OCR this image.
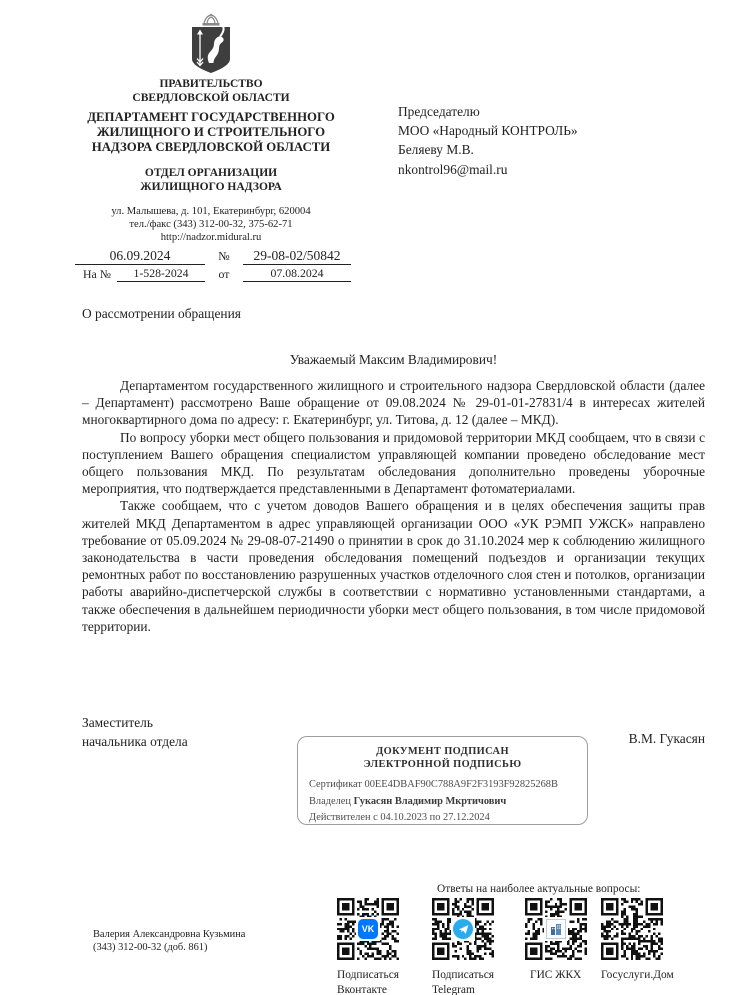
ПРАВИТЕЛЬСТВО
СВЕРДЛОВСКОЙ ОБЛАСТИ
ДЕПАРТАМЕНТ ГОСУДАРСТВЕННОГО
ЖИЛИЩНОГО И СТРОИТЕЛЬНОГО
НАДЗОРА СВЕРДЛОВСКОЙ ОБЛАСТИ
ОТДЕЛ ОРГАНИЗАЦИИ
ЖИЛИЩНОГО НАДЗОРА
ул. Малышева, д. 101, Екатеринбург, 620004
тел./факс (343) 312-00-32, 375-62-71
http://nadzor.midural.ru
Председателю
МОО «Народный КОНТРОЛЬ»
Беляеву М.В.
nkontrol96@mail.ru
06.09.2024	№	29-08-02/50842
На №	1-528-2024	от	07.08.2024
О рассмотрении обращения
Уважаемый Максим Владимирович!

Департаментом государственного жилищного и строительного надзора Свердловской области (далее – Департамент) рассмотрено Ваше обращение от 09.08.2024 № 29-01-01-27831/4 в интересах жителей многоквартирного дома по адресу: г. Екатеринбург, ул. Титова, д. 12 (далее – МКД).

По вопросу уборки мест общего пользования и придомовой территории МКД сообщаем, что в связи с поступлением Вашего обращения специалистом управляющей компании проведено обследование мест общего пользования МКД. По результатам обследования дополнительно проведены уборочные мероприятия, что подтверждается представленными в Департамент фотоматериалами.

Также сообщаем, что с учетом доводов Вашего обращения и в целях обеспечения защиты прав жителей МКД Департаментом в адрес управляющей организации ООО «УК РЭМП УЖСК» направлено требование от 05.09.2024 № 29-08-07-21490 о принятии в срок до 31.10.2024 мер к соблюдению жилищного законодательства в части проведения обследования помещений подъездов и организации текущих ремонтных работ по восстановлению разрушенных участков отделочного слоя стен и потолков, организации работы аварийно-диспетчерской службы в соответствии с нормативно установленными стандартами, а также обеспечения в дальнейшем периодичности уборки мест общего пользования, в том числе придомовой территории.

Заместитель
начальника отдела	В.М. Гукасян
ДОКУМЕНТ ПОДПИСАН
ЭЛЕКТРОННОЙ ПОДПИСЬЮ
Сертификат 00EE4DBAF90C788A9F2F3193F92825268B
Владелец Гукасян Владимир Мкртичович
Действителен с 04.10.2023 по 27.12.2024
Валерия Александровна Кузьмина
(343) 312-00-32 (доб. 861)
Ответы на наиболее актуальные вопросы:
VK
Подписаться
Вконтакте
Подписаться
Telegram
ГИС ЖКХ Госуслуги.Дом
